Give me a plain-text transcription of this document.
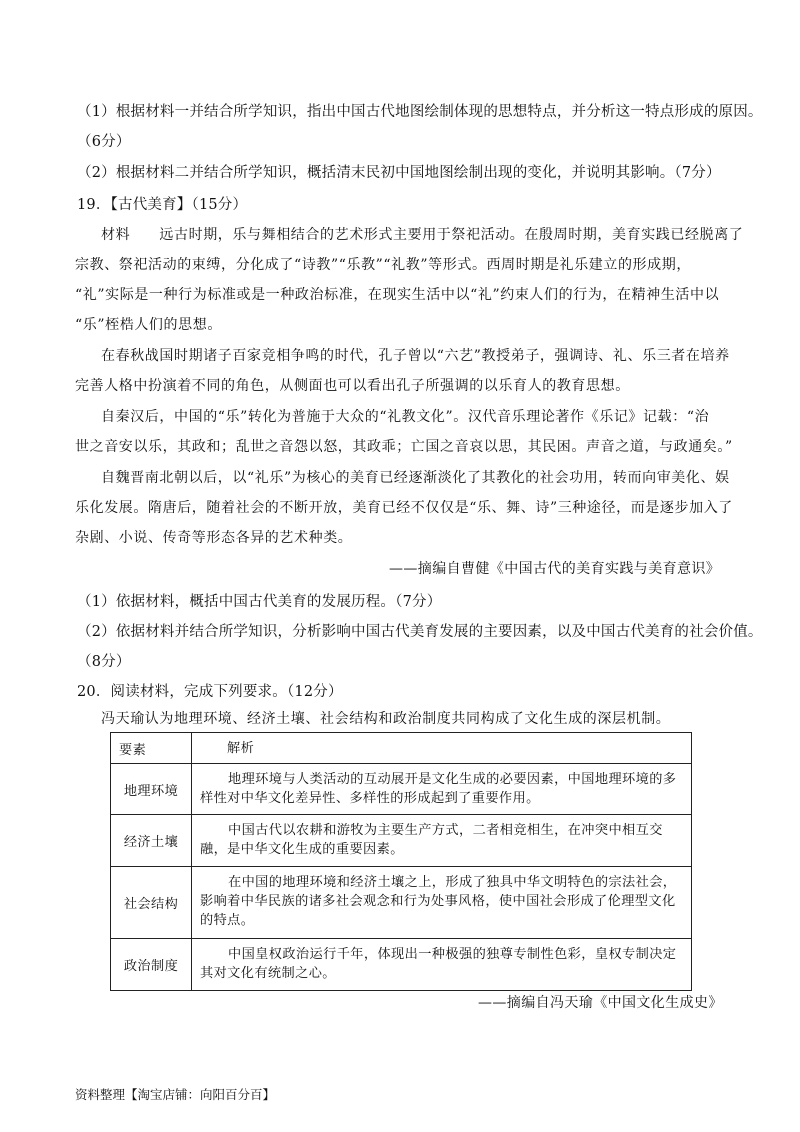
（1）根据材料一并结合所学知识，指出中国古代地图绘制体现的思想特点，并分析这一特点形成的原因。
（6分）
（2）根据材料二并结合所学知识，概括清末民初中国地图绘制出现的变化，并说明其影响。（7分）
19．【古代美育】（15分）
材料　　远古时期，乐与舞相结合的艺术形式主要用于祭祀活动。在殷周时期，美育实践已经脱离了
宗教、祭祀活动的束缚，分化成了“诗教”“乐教”“礼教”等形式。西周时期是礼乐建立的形成期，
“礼”实际是一种行为标准或是一种政治标准，在现实生活中以“礼”约束人们的行为，在精神生活中以
“乐”桎梏人们的思想。
在春秋战国时期诸子百家竞相争鸣的时代，孔子曾以“六艺”教授弟子，强调诗、礼、乐三者在培养
完善人格中扮演着不同的角色，从侧面也可以看出孔子所强调的以乐育人的教育思想。
自秦汉后，中国的“乐”转化为普施于大众的“礼教文化”。汉代音乐理论著作《乐记》记载：“治
世之音安以乐，其政和；乱世之音怨以怒，其政乖；亡国之音哀以思，其民困。声音之道，与政通矣。”
自魏晋南北朝以后，以“礼乐”为核心的美育已经逐渐淡化了其教化的社会功用，转而向审美化、娱
乐化发展。隋唐后，随着社会的不断开放，美育已经不仅仅是“乐、舞、诗”三种途径，而是逐步加入了
杂剧、小说、传奇等形态各异的艺术种类。
——摘编自曹健《中国古代的美育实践与美育意识》
（1）依据材料，概括中国古代美育的发展历程。（7分）
（2）依据材料并结合所学知识，分析影响中国古代美育发展的主要因素，以及中国古代美育的社会价值。
（8分）
20．阅读材料，完成下列要求。（12分）
冯天瑜认为地理环境、经济土壤、社会结构和政治制度共同构成了文化生成的深层机制。
要素	解析
地理环境	地理环境与人类活动的互动展开是文化生成的必要因素，中国地理环境的多样性对中华文化差异性、多样性的形成起到了重要作用。
经济土壤	中国古代以农耕和游牧为主要生产方式，二者相竞相生，在冲突中相互交融，是中华文化生成的重要因素。
社会结构	在中国的地理环境和经济土壤之上，形成了独具中华文明特色的宗法社会，影响着中华民族的诸多社会观念和行为处事风格，使中国社会形成了伦理型文化的特点。
政治制度	中国皇权政治运行千年，体现出一种极强的独尊专制性色彩，皇权专制决定其对文化有统制之心。
——摘编自冯天瑜《中国文化生成史》
资料整理【淘宝店铺：向阳百分百】
